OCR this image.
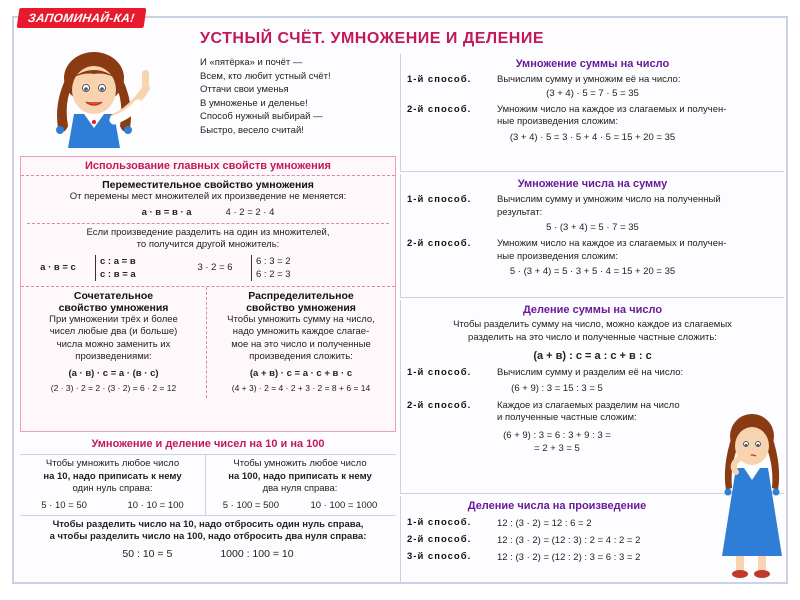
ЗАПОМИНАЙ-КА!
УСТНЫЙ СЧЁТ. УМНОЖЕНИЕ И ДЕЛЕНИЕ
И «пятёрка» и почёт —
Всем, кто любит устный счёт!
Оттачи свои уменья
В умноженье и деленье!
Способ нужный выбирай —
Быстро, весело считай!
Использование главных свойств умножения
Переместительное свойство умножения
От перемены мест множителей их произведение не меняется:
а · в = в · а	4 · 2 = 2 · 4
Если произведение разделить на один из множителей,
то получится другой множитель:
а · в = с
с : а = в
с : в = а
3 · 2 = 6
6 : 3 = 2
6 : 2 = 3
Сочетательное
свойство умножения
При умножении трёх и более
чисел любые два (и больше)
числа можно заменить их
произведениями:
(а · в) · с = а · (в · с)
(2 · 3) · 2 = 2 · (3 · 2) = 6 · 2 = 12
Распределительное
свойство умножения
Чтобы умножить сумму на число,
надо умножить каждое слагае-
мое на это число и полученные
произведения сложить:
(а + в) · с = а · с + в · с
(4 + 3) · 2 = 4 · 2 + 3 · 2 = 8 + 6 = 14
Умножение и деление чисел на 10 и на 100
Чтобы умножить любое число
на 10, надо приписать к нему
один нуль справа:
5 · 10 = 50	10 · 10 = 100
Чтобы умножить любое число
на 100, надо приписать к нему
два нуля справа:
5 · 100 = 500	10 · 100 = 1000
Чтобы разделить число на 10, надо отбросить один нуль справа,
а чтобы разделить число на 100, надо отбросить два нуля справа:
50 : 10 = 5	1000 : 100 = 10
Умножение суммы на число
1-й способ.	Вычислим сумму и умножим её на число:
(3 + 4) · 5 = 7 · 5 = 35
2-й способ.	Умножим число на каждое из слагаемых и получен-
ные произведения сложим:
(3 + 4) · 5 = 3 · 5 + 4 · 5 = 15 + 20 = 35
Умножение числа на сумму
1-й способ.	Вычислим сумму и умножим число на полученный
результат:
5 · (3 + 4) = 5 · 7 = 35
2-й способ.	Умножим число на каждое из слагаемых и получен-
ные произведения сложим:
5 · (3 + 4) = 5 · 3 + 5 · 4 = 15 + 20 = 35
Деление суммы на число
Чтобы разделить сумму на число, можно каждое из слагаемых
разделить на это число и полученные частные сложить:
(а + в) : с = а : с + в : с
1-й способ.	Вычислим сумму и разделим её на число:
(6 + 9) : 3 = 15 : 3 = 5
2-й способ.	Каждое из слагаемых разделим на число
и полученные частные сложим:
(6 + 9) : 3 = 6 : 3 + 9 : 3 =
= 2 + 3 = 5
Деление числа на произведение
1-й способ.	12 : (3 · 2) = 12 : 6 = 2
2-й способ.	12 : (3 · 2) = (12 : 3) : 2 = 4 : 2 = 2
3-й способ.	12 : (3 · 2) = (12 : 2) : 3 = 6 : 3 = 2
